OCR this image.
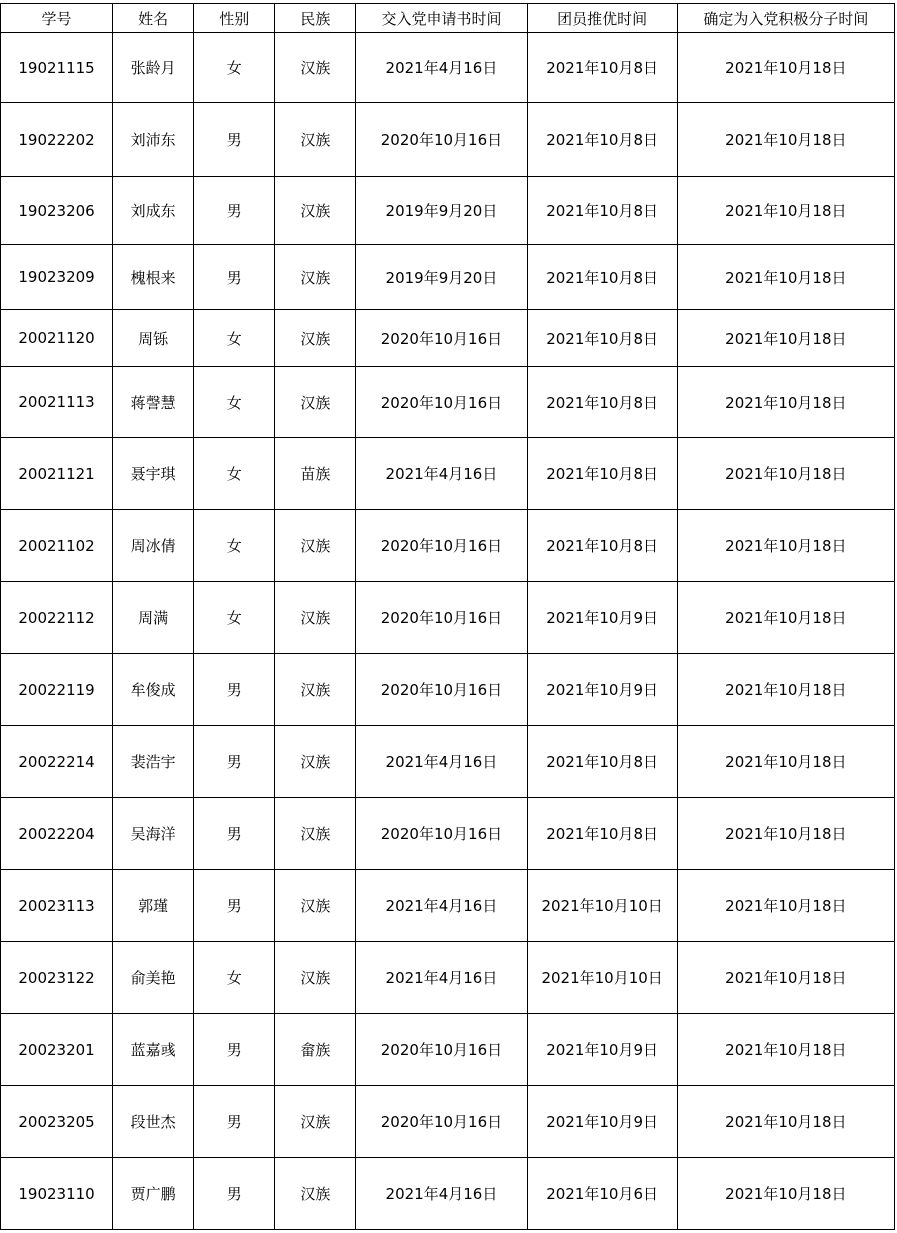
学号	姓名	性别	民族	交入党申请书时间	团员推优时间	确定为入党积极分子时间
19021115	张龄月	女	汉族	2021年4月16日	2021年10月8日	2021年10月18日
19022202	刘沛东	男	汉族	2020年10月16日	2021年10月8日	2021年10月18日
19023206	刘成东	男	汉族	2019年9月20日	2021年10月8日	2021年10月18日
19023209	槐根来	男	汉族	2019年9月20日	2021年10月8日	2021年10月18日
20021120	周铄	女	汉族	2020年10月16日	2021年10月8日	2021年10月18日
20021113	蒋謦慧	女	汉族	2020年10月16日	2021年10月8日	2021年10月18日
20021121	聂宇琪	女	苗族	2021年4月16日	2021年10月8日	2021年10月18日
20021102	周冰倩	女	汉族	2020年10月16日	2021年10月8日	2021年10月18日
20022112	周满	女	汉族	2020年10月16日	2021年10月9日	2021年10月18日
20022119	牟俊成	男	汉族	2020年10月16日	2021年10月9日	2021年10月18日
20022214	裴浩宇	男	汉族	2021年4月16日	2021年10月8日	2021年10月18日
20022204	吴海洋	男	汉族	2020年10月16日	2021年10月8日	2021年10月18日
20023113	郭瑾	男	汉族	2021年4月16日	2021年10月10日	2021年10月18日
20023122	俞美艳	女	汉族	2021年4月16日	2021年10月10日	2021年10月18日
20023201	蓝嘉彧	男	畲族	2020年10月16日	2021年10月9日	2021年10月18日
20023205	段世杰	男	汉族	2020年10月16日	2021年10月9日	2021年10月18日
19023110	贾广鹏	男	汉族	2021年4月16日	2021年10月6日	2021年10月18日
